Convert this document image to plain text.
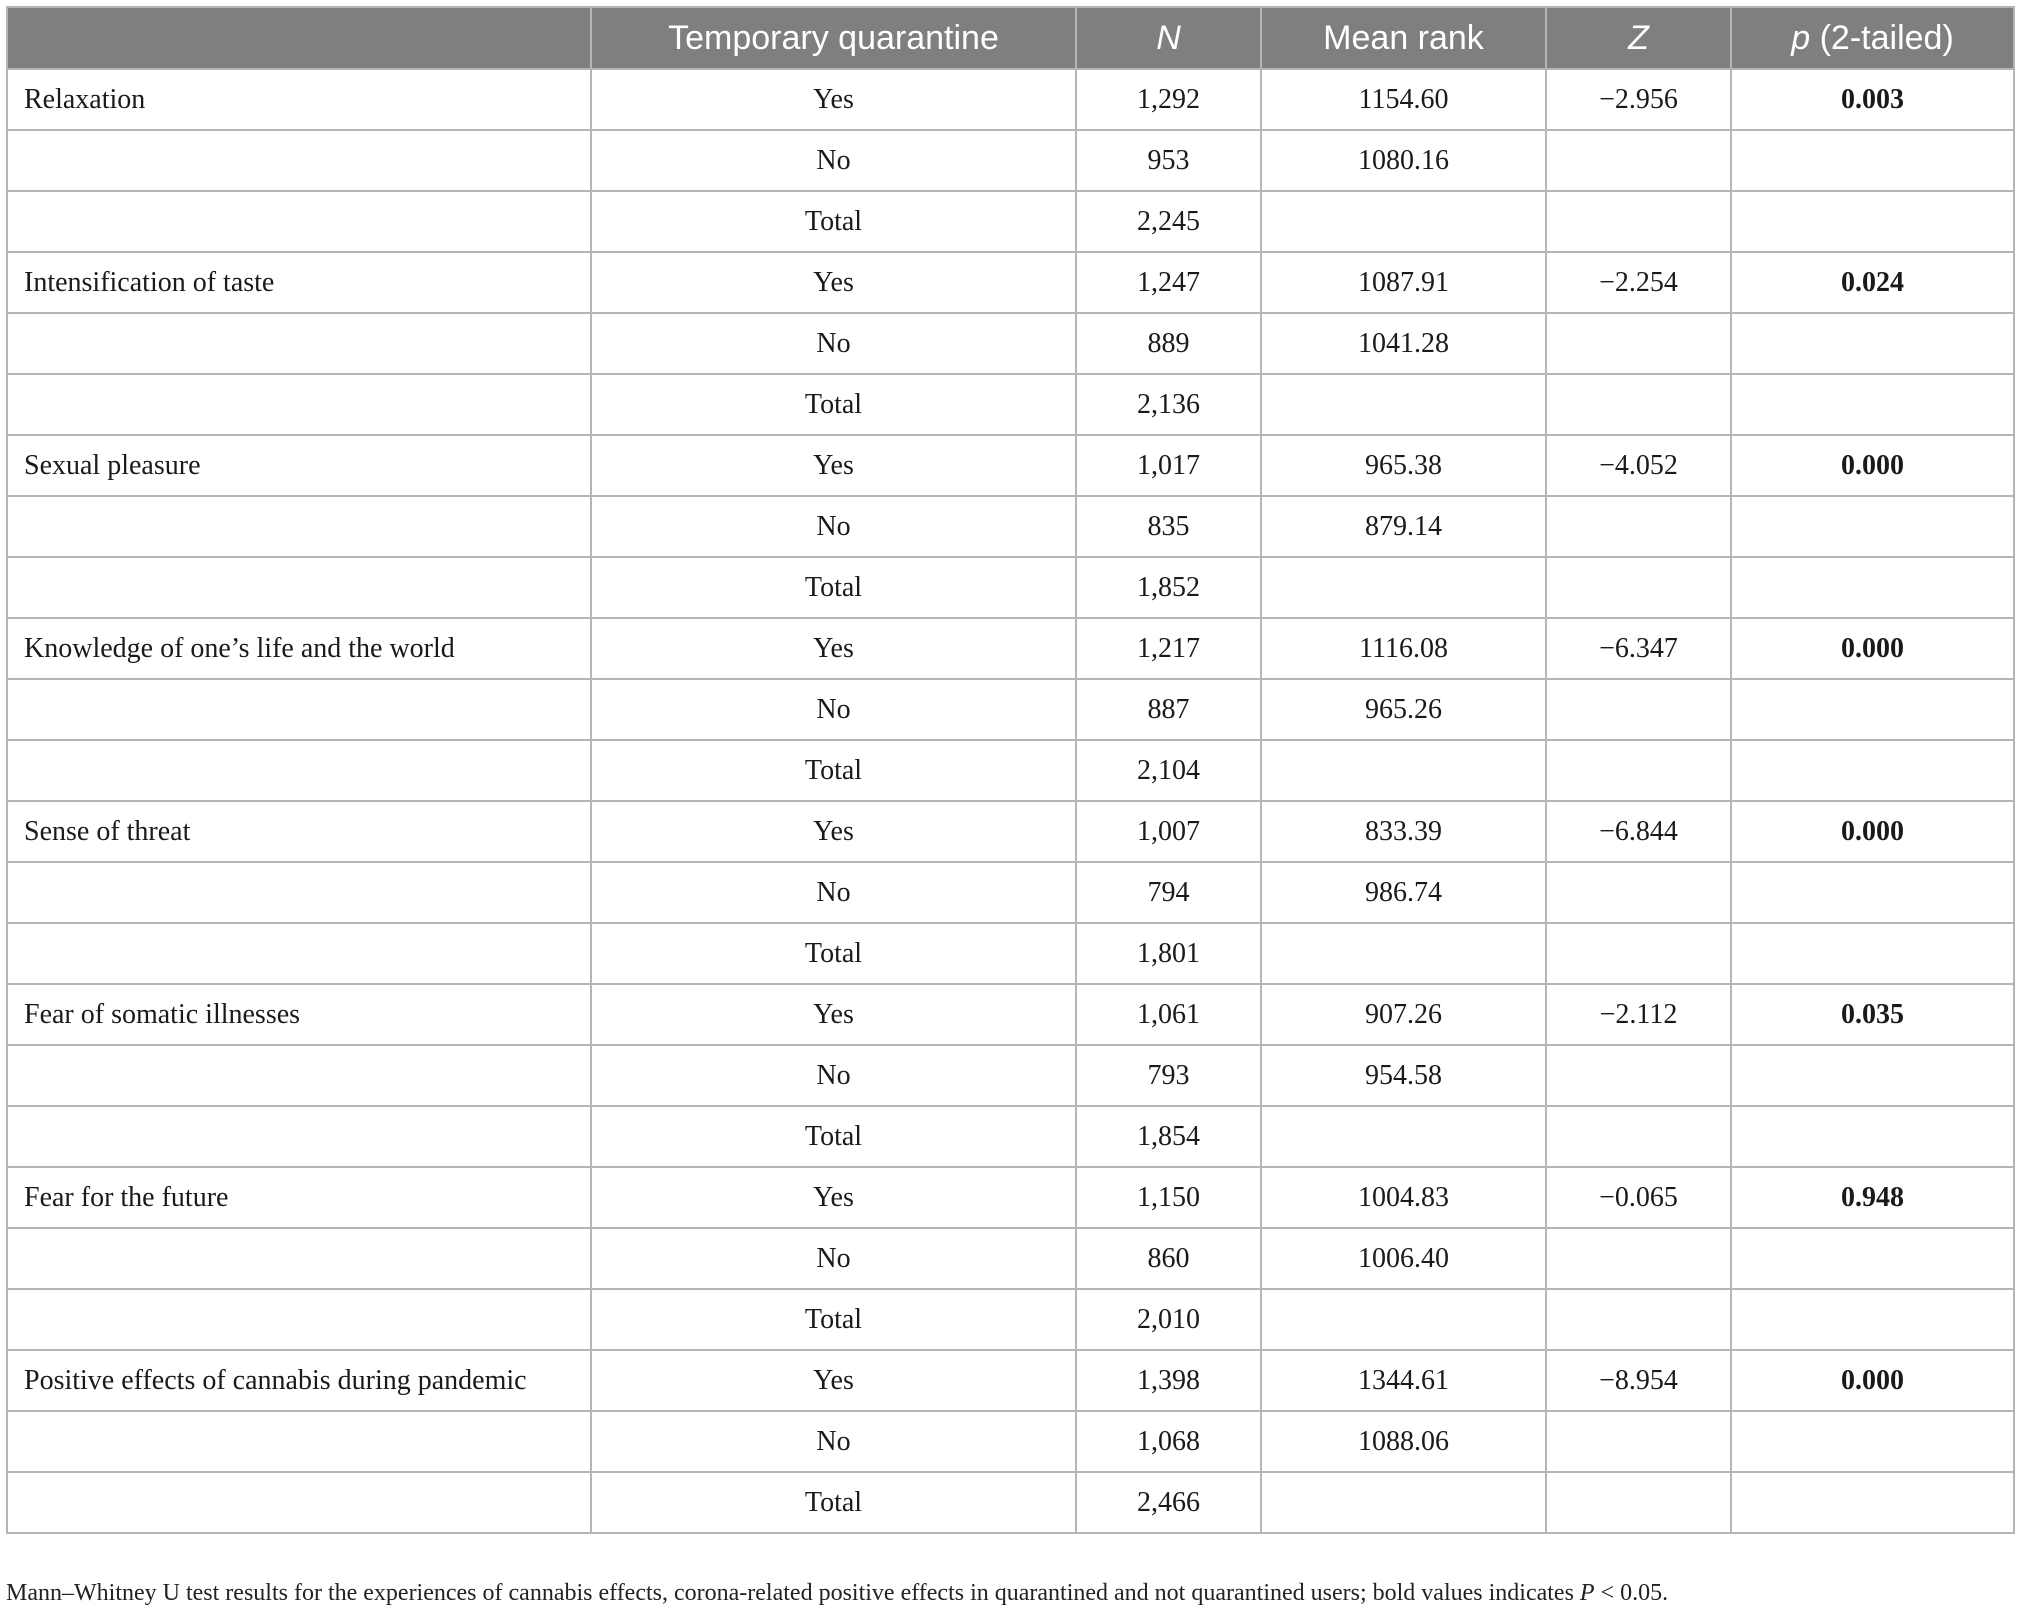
	Temporary quarantine	N	Mean rank	Z	p (2-tailed)
Relaxation	Yes	1,292	1154.60	−2.956	0.003
	No	953	1080.16		
	Total	2,245			
Intensification of taste	Yes	1,247	1087.91	−2.254	0.024
	No	889	1041.28		
	Total	2,136			
Sexual pleasure	Yes	1,017	965.38	−4.052	0.000
	No	835	879.14		
	Total	1,852			
Knowledge of one’s life and the world	Yes	1,217	1116.08	−6.347	0.000
	No	887	965.26		
	Total	2,104			
Sense of threat	Yes	1,007	833.39	−6.844	0.000
	No	794	986.74		
	Total	1,801			
Fear of somatic illnesses	Yes	1,061	907.26	−2.112	0.035
	No	793	954.58		
	Total	1,854			
Fear for the future	Yes	1,150	1004.83	−0.065	0.948
	No	860	1006.40		
	Total	2,010			
Positive effects of cannabis during pandemic	Yes	1,398	1344.61	−8.954	0.000
	No	1,068	1088.06		
	Total	2,466			
Mann–Whitney U test results for the experiences of cannabis effects, corona-related positive effects in quarantined and not quarantined users; bold values indicates P < 0.05.
